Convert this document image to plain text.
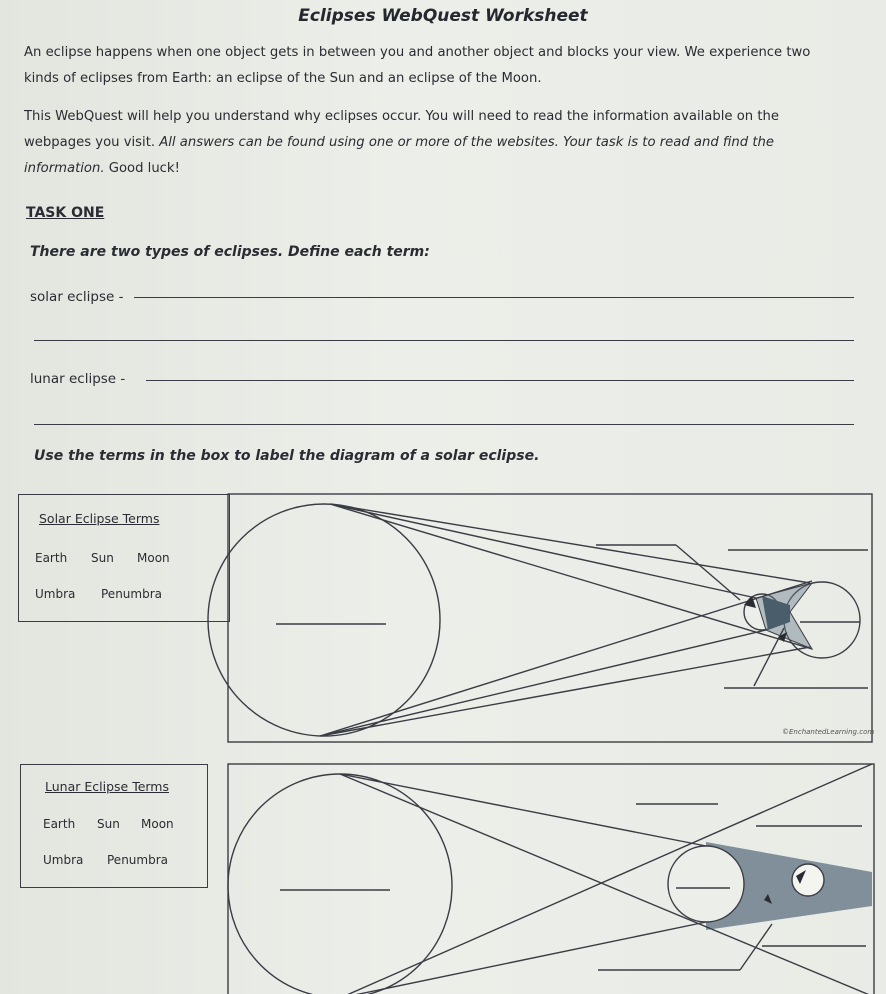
Eclipses WebQuest Worksheet
An eclipse happens when one object gets in between you and another object and blocks your view. We experience two
kinds of eclipses from Earth: an eclipse of the Sun and an eclipse of the Moon.
This WebQuest will help you understand why eclipses occur. You will need to read the information available on the
webpages you visit. All answers can be found using one or more of the websites. Your task is to read and find the
information. Good luck!
TASK ONE
There are two types of eclipses. Define each term:
solar eclipse -
lunar eclipse -
Use the terms in the box to label the diagram of a solar eclipse.
Solar Eclipse Terms
Earth Sun Moon
Umbra Penumbra
Lunar Eclipse Terms
Earth Sun Moon
Umbra Penumbra
©EnchantedLearning.com
